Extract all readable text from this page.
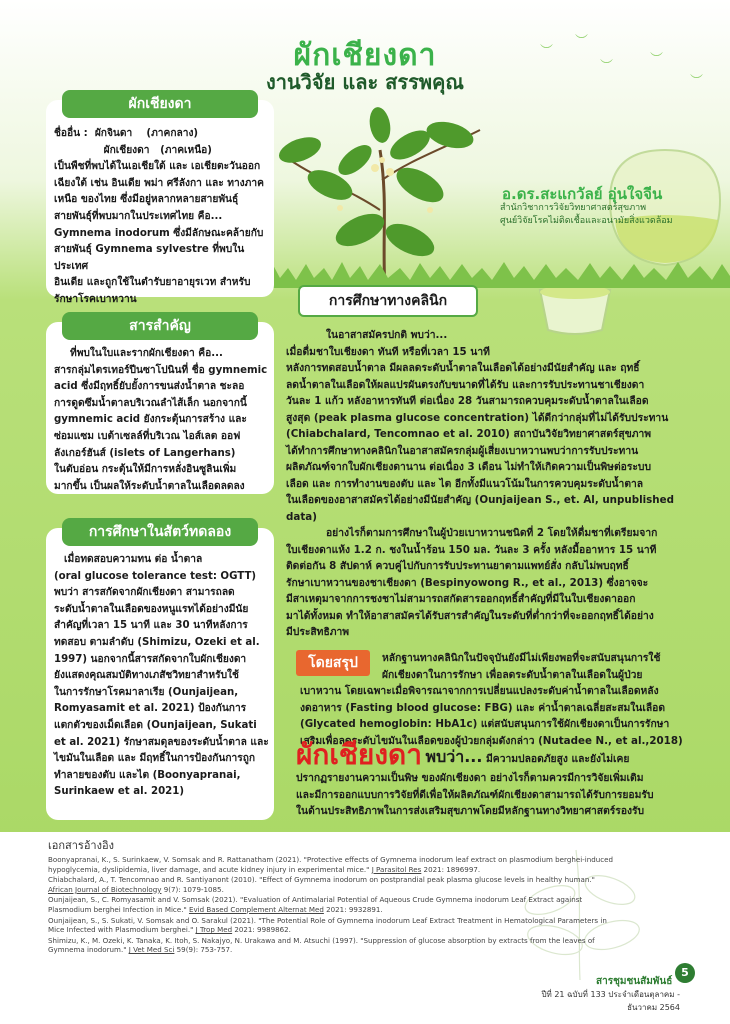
︶
︶
︶	︶
︶
ผักเชียงดา
งานวิจัย และ สรรพคุณ
อ.ดร.สะแกวัลย์ อุ่นใจจีน
สำนักวิชาการวิจัยวิทยาศาสตร์สุขภาพ
ศูนย์วิจัยโรคไม่ติดเชื้อและอนามัยสิ่งแวดล้อม
ผักเชียงดา

ชื่ออื่น :  ผักจินดา    (ภาคกลาง)

ผักเชียงดา   (ภาคเหนือ)

เป็นพืชที่พบได้ในเอเชียใต้ และ เอเชียตะวันออก

เฉียงใต้ เช่น อินเดีย พม่า ศรีลังกา และ ทางภาค

เหนือ ของไทย ซึ่งมีอยู่หลากหลายสายพันธุ์

สายพันธุ์ที่พบมากในประเทศไทย คือ...

Gymnema inodorum ซึ่งมีลักษณะคล้ายกับ

สายพันธุ์ Gymnema sylvestre ที่พบในประเทศ

อินเดีย และถูกใช้ในตำรับยาอายุรเวท สำหรับ

รักษาโรคเบาหวาน

สารสำคัญ

ที่พบในใบและรากผักเชียงดา คือ...

สารกลุ่มไตรเทอร์ปีนซาโปนินที่ ชื่อ gymnemic

acid ซึ่งมีฤทธิ์ยับยั้งการขนส่งน้ำตาล ชะลอ

การดูดซึมน้ำตาลบริเวณลำไส้เล็ก นอกจากนี้

gymnemic acid ยังกระตุ้นการสร้าง และ

ซ่อมแซม เบต้าเซลล์ที่บริเวณ ไอส์เลต ออฟ

ลังเกอร์ฮันส์ (islets of Langerhans)

ในตับอ่อน กระตุ้นให้มีการหลั่งอินซูลินเพิ่ม

มากขึ้น เป็นผลให้ระดับน้ำตาลในเลือดลดลง

การศึกษาในสัตว์ทดลอง

เมื่อทดสอบความทน ต่อ น้ำตาล

(oral glucose tolerance test: OGTT)

พบว่า สารสกัดจากผักเชียงดา สามารถลด

ระดับน้ำตาลในเลือดของหนูแรทได้อย่างมีนัย

สำคัญที่เวลา 15 นาที และ 30 นาทีหลังการ

ทดสอบ ตามลำดับ (Shimizu, Ozeki et al.

1997) นอกจากนี้สารสกัดจากใบผักเชียงดา

ยังแสดงคุณสมบัติทางเภสัชวิทยาสำหรับใช้

ในการรักษาโรคมาลาเรีย (Ounjaijean,

Romyasamit et al. 2021) ป้องกันการ

แตกตัวของเม็ดเลือด (Ounjaijean, Sukati

et al. 2021) รักษาสมดุลของระดับน้ำตาล และ

ไขมันในเลือด และ มีฤทธิ์ในการป้องกันการถูก

ทำลายของตับ และไต (Boonyapranai,

Surinkaew et al. 2021)

การศึกษาทางคลินิก

ในอาสาสมัครปกติ พบว่า...

เมื่อดื่มชาใบเชียงดา ทันที หรือที่เวลา 15 นาที

หลังการทดสอบน้ำตาล มีผลลดระดับน้ำตาลในเลือดได้อย่างมีนัยสำคัญ และ ฤทธิ์

ลดน้ำตาลในเลือดให้ผลแปรผันตรงกับขนาดที่ได้รับ และการรับประทานชาเชียงดา

วันละ 1 แก้ว หลังอาหารทันที ต่อเนื่อง 28 วันสามารถควบคุมระดับน้ำตาลในเลือด

สูงสุด (peak plasma glucose concentration) ได้ดีกว่ากลุ่มที่ไม่ได้รับประทาน

(Chiabchalard, Tencomnao et al. 2010) สถาบันวิจัยวิทยาศาสตร์สุขภาพ

ได้ทำการศึกษาทางคลินิกในอาสาสมัครกลุ่มผู้เสี่ยงเบาหวานพบว่าการรับประทาน

ผลิตภัณฑ์จากใบผักเชียงดานาน ต่อเนื่อง 3 เดือน ไม่ทำให้เกิดความเป็นพิษต่อระบบ

เลือด และ การทำงานของตับ และ ไต อีกทั้งมีแนวโน้มในการควบคุมระดับน้ำตาล

ในเลือดของอาสาสมัครได้อย่างมีนัยสำคัญ (Ounjaijean S., et. Al, unpublished data)

อย่างไรก็ตามการศึกษาในผู้ป่วยเบาหวานชนิดที่ 2 โดยให้ดื่มชาที่เตรียมจาก

ใบเชียงดาแห้ง 1.2 ก. ชงในน้ำร้อน 150 มล. วันละ 3 ครั้ง หลังมื้ออาหาร 15 นาที

ติดต่อกัน 8 สัปดาห์ ควบคู่ไปกับการรับประทานยาตามแพทย์สั่ง กลับไม่พบฤทธิ์

รักษาเบาหวานของชาเชียงดา (Bespinyowong R., et al., 2013) ซึ่งอาจจะ

มีสาเหตุมาจากการชงชาไม่สามารถสกัดสารออกฤทธิ์สำคัญที่มีในใบเชียงดาออก

มาได้ทั้งหมด ทำให้อาสาสมัครได้รับสารสำคัญในระดับที่ต่ำกว่าที่จะออกฤทธิ์ได้อย่าง

มีประสิทธิภาพ

โดยสรุป	หลักฐานทางคลินิกในปัจจุบันยังมีไม่เพียงพอที่จะสนับสนุนการใช้

ผักเชียงดาในการรักษา เพื่อลดระดับน้ำตาลในเลือดในผู้ป่วย

เบาหวาน โดยเฉพาะเมื่อพิจารณาจากการเปลี่ยนแปลงระดับค่าน้ำตาลในเลือดหลัง

งดอาหาร (Fasting blood glucose: FBG) และ ค่าน้ำตาลเฉลี่ยสะสมในเลือด

(Glycated hemoglobin: HbA1c) แต่สนับสนุนการใช้ผักเชียงดาเป็นการรักษา

เสริมเพื่อลดระดับไขมันในเลือดของผู้ป่วยกลุ่มดังกล่าว (Nutadee N., et al.,2018)

ผักเชียงดา พบว่า... มีความปลอดภัยสูง และยังไม่เคย

ปรากฏรายงานความเป็นพิษ ของผักเชียงดา อย่างไรก็ตามควรมีการวิจัยเพิ่มเติม

และมีการออกแบบการวิจัยที่ดีเพื่อให้ผลิตภัณฑ์ผักเชียงดาสามารถได้รับการยอมรับ

ในด้านประสิทธิภาพในการส่งเสริมสุขภาพโดยมีหลักฐานทางวิทยาศาสตร์รองรับ

เอกสารอ้างอิง

Boonyapranai, K., S. Surinkaew, V. Somsak and R. Rattanatham (2021). "Protective effects of Gymnema inodorum leaf extract on plasmodium berghei-induced hypoglycemia, dyslipidemia, liver damage, and acute kidney injury in experimental mice." J Parasitol Res 2021: 1896997.

Chiabchalard, A., T. Tencomnao and R. Santiyanont (2010). "Effect of Gymnema inodorum on postprandial peak plasma glucose levels in healthy human." African Journal of Biotechnology 9(7): 1079-1085.

Ounjaijean, S., C. Romyasamit and V. Somsak (2021). "Evaluation of Antimalarial Potential of Aqueous Crude Gymnema inodorum Leaf Extract against Plasmodium berghei Infection in Mice." Evid Based Complement Alternat Med 2021: 9932891.

Ounjaijean, S., S. Sukati, V. Somsak and O. Sarakul (2021). "The Potential Role of Gymnema inodorum Leaf Extract Treatment in Hematological Parameters in Mice Infected with Plasmodium berghei." J Trop Med 2021: 9989862.

Shimizu, K., M. Ozeki, K. Tanaka, K. Itoh, S. Nakajyo, N. Urakawa and M. Atsuchi (1997). "Suppression of glucose absorption by extracts from the leaves of Gymnema inodorum." J Vet Med Sci 59(9): 753-757.

สารชุมชนสัมพันธ์
5
ปีที่ 21 ฉบับที่ 133 ประจำเดือนตุลาคม - ธันวาคม 2564
